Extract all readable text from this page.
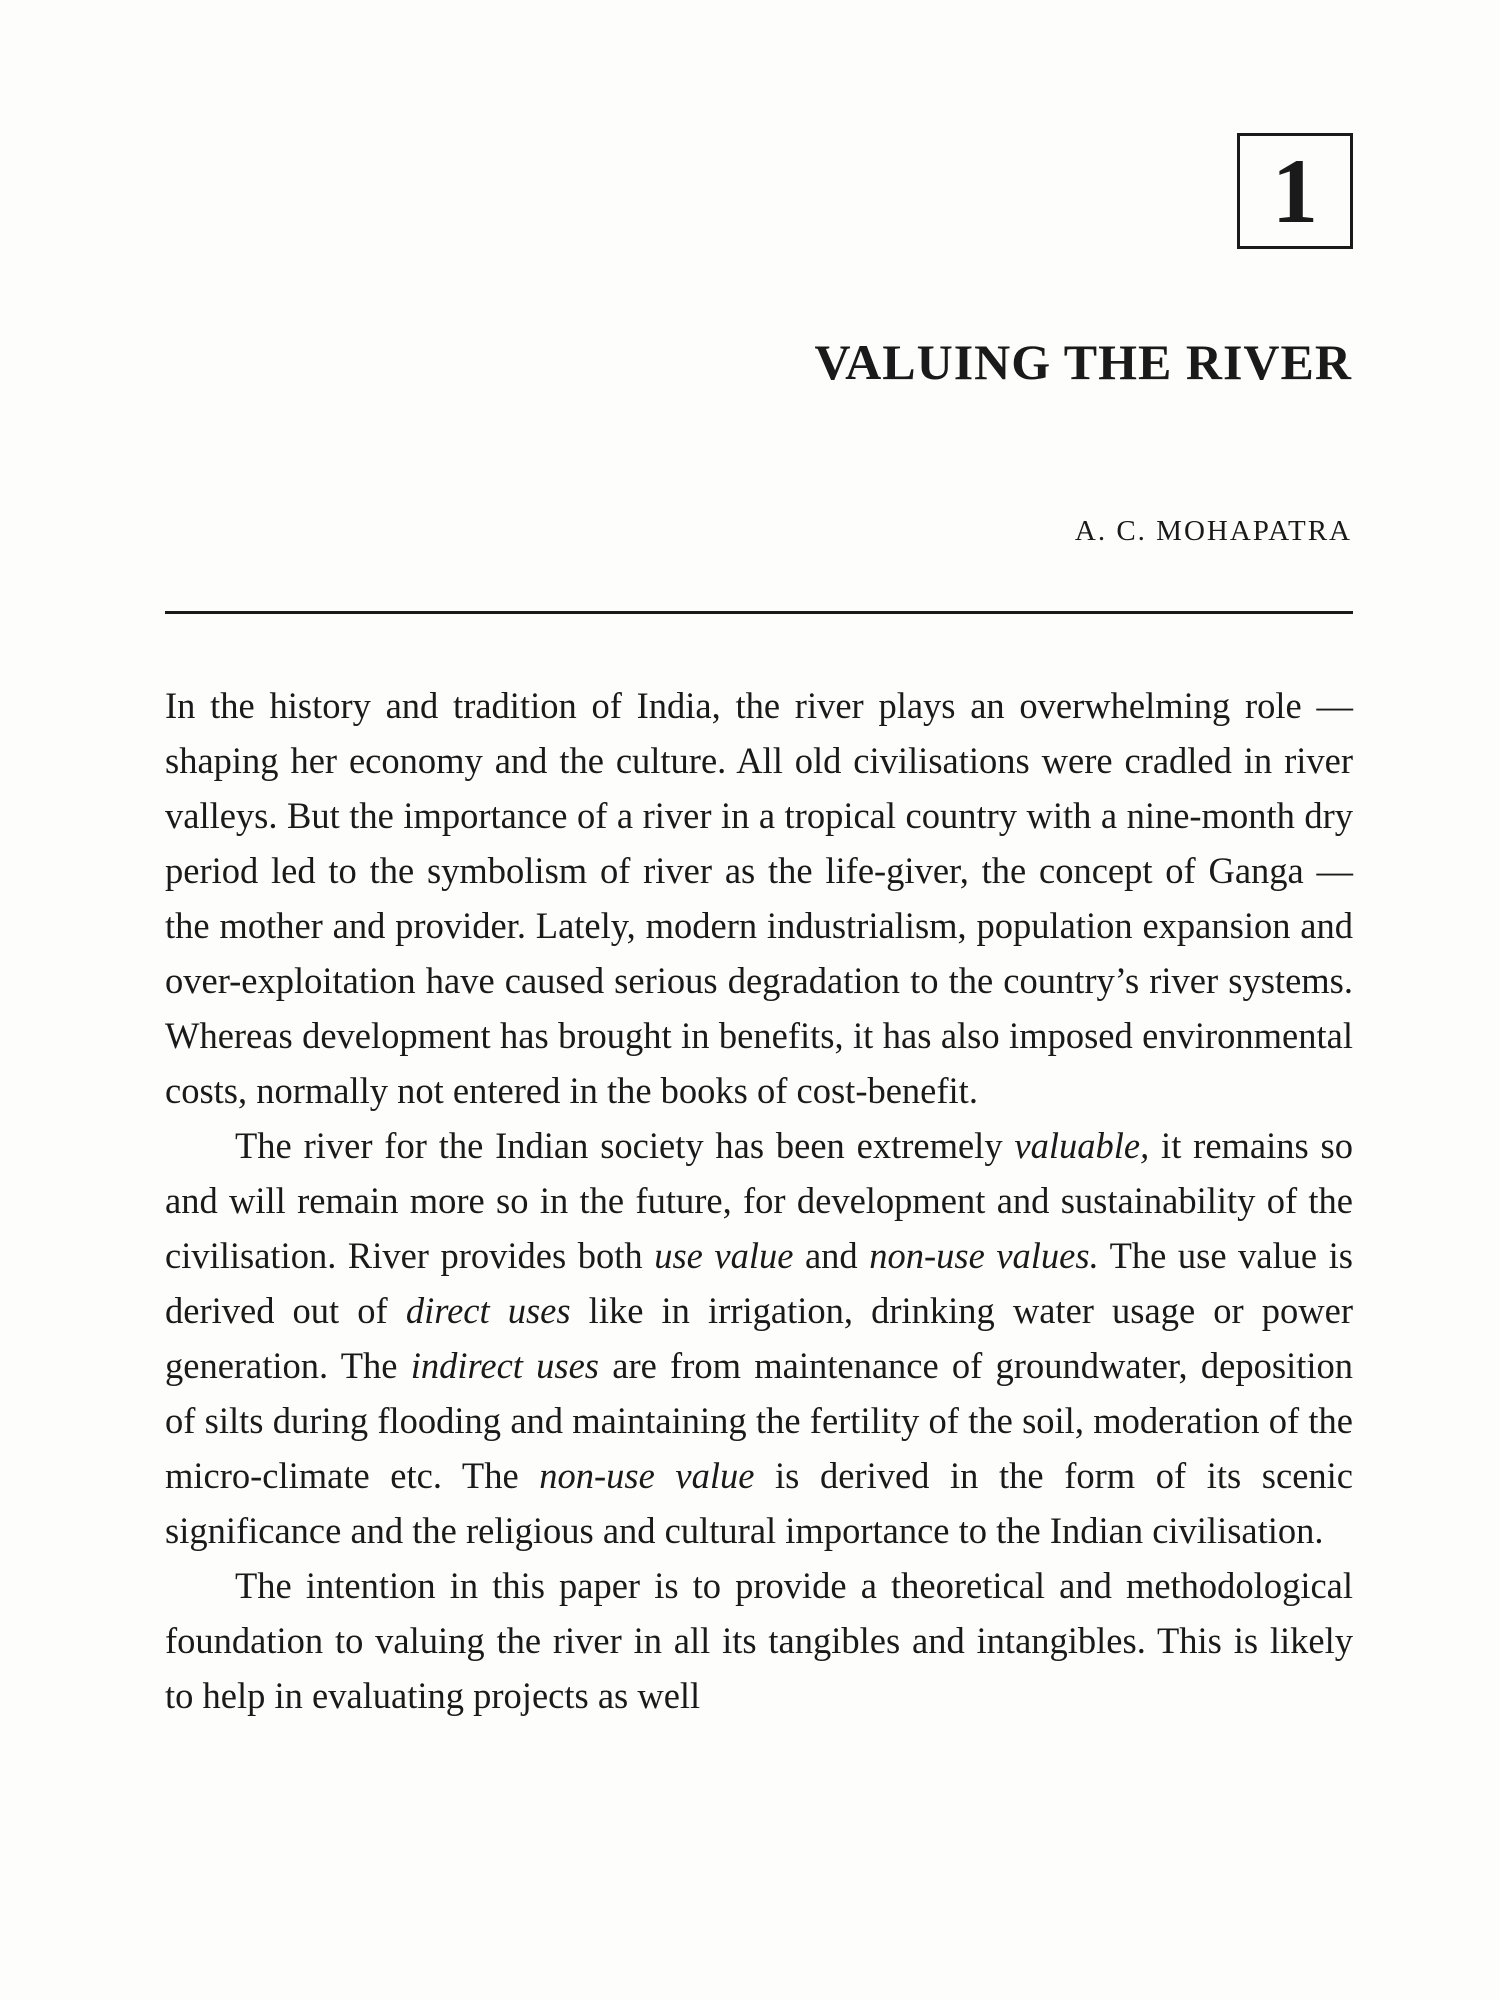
1
VALUING THE RIVER

A. C. MOHAPATRA

In the history and tradition of India, the river plays an overwhelming role — shaping her economy and the culture. All old civilisations were cradled in river valleys. But the importance of a river in a tropical country with a nine-month dry period led to the symbolism of river as the life-giver, the concept of Ganga — the mother and provider. Lately, modern industrialism, population expansion and over-exploitation have caused serious degradation to the country’s river systems. Whereas development has brought in benefits, it has also imposed environmental costs, normally not entered in the books of cost-benefit.

The river for the Indian society has been extremely valuable, it remains so and will remain more so in the future, for development and sustainability of the civilisation. River provides both use value and non-use values. The use value is derived out of direct uses like in irrigation, drinking water usage or power generation. The indirect uses are from maintenance of groundwater, deposition of silts during flooding and maintaining the fertility of the soil, moderation of the micro-climate etc. The non-use value is derived in the form of its scenic significance and the religious and cultural importance to the Indian civilisation.

The intention in this paper is to provide a theoretical and methodological foundation to valuing the river in all its tangibles and intangibles. This is likely to help in evaluating projects as well
